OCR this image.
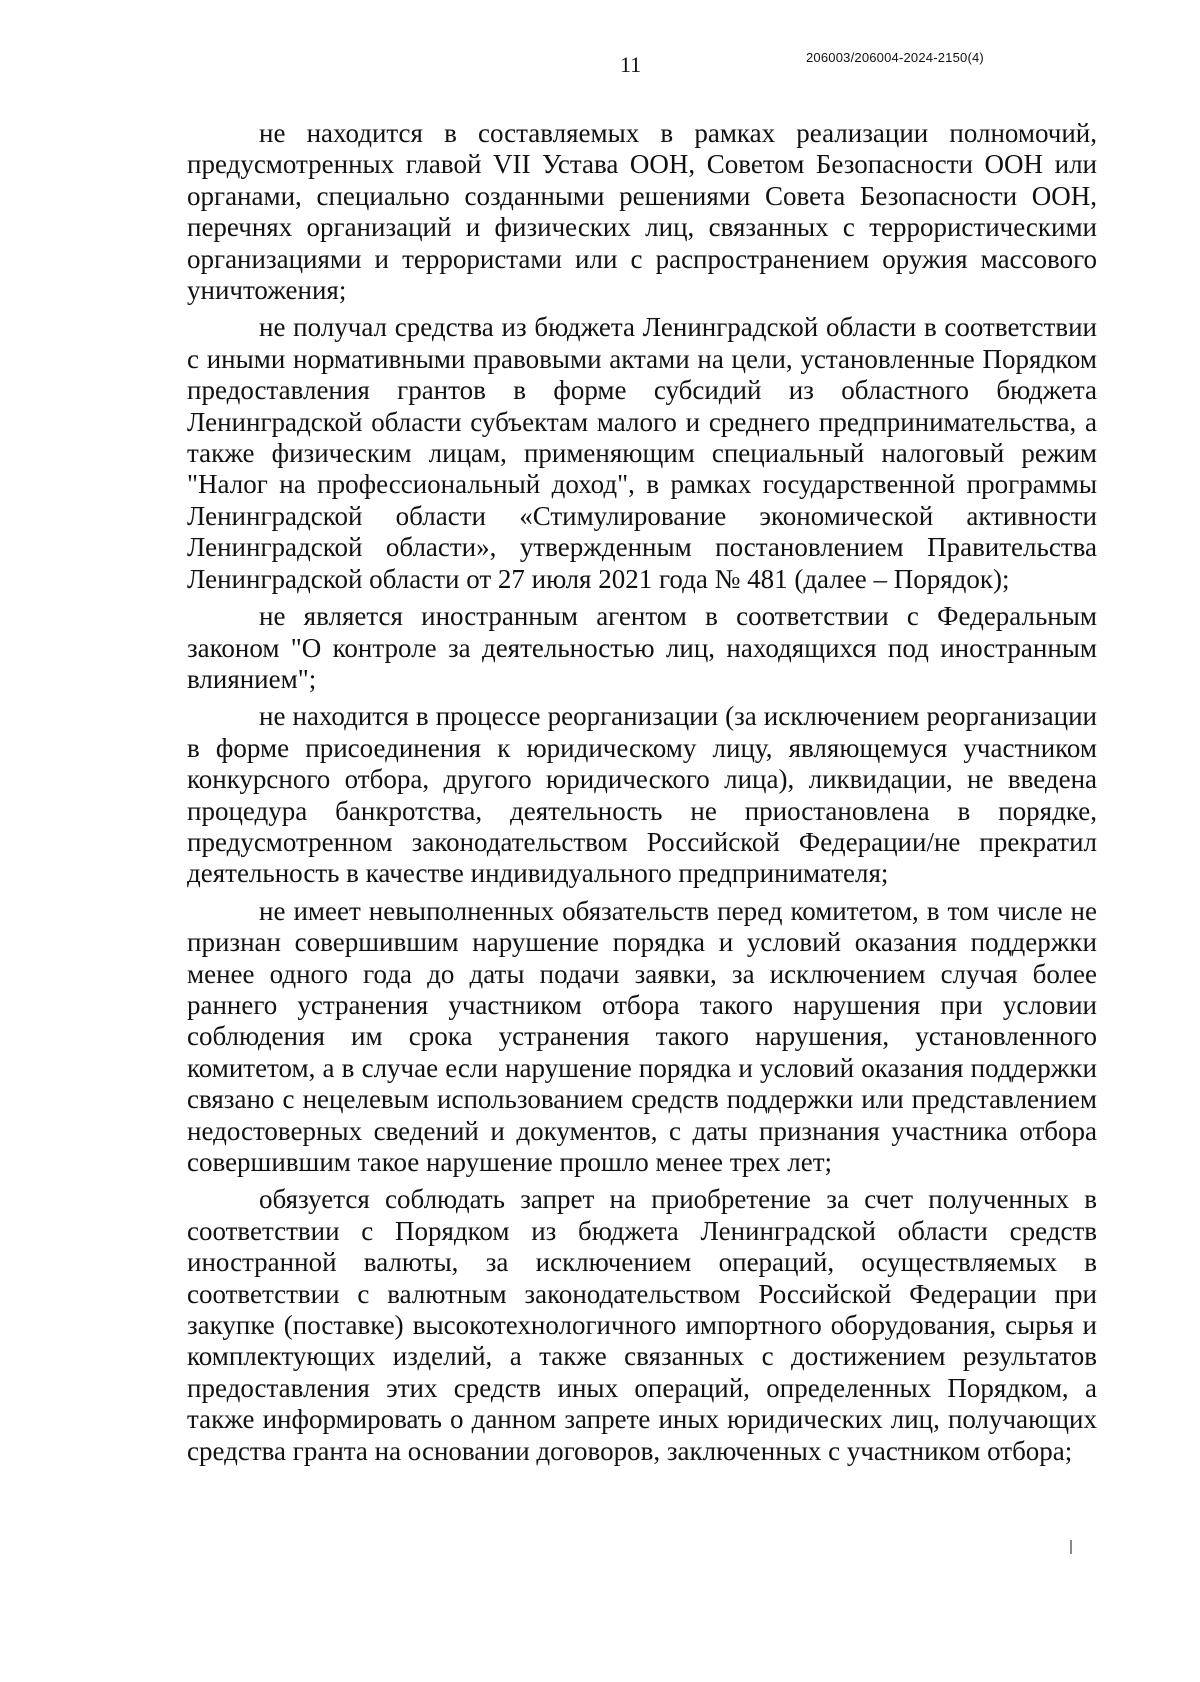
11	206003/206004-2024-2150(4)

не находится в составляемых в рамках реализации полномочий, предусмотренных главой VII Устава ООН, Советом Безопасности ООН или органами, специально созданными решениями Совета Безопасности ООН, перечнях организаций и физических лиц, связанных с террористическими организациями и террористами или с распространением оружия массового уничтожения;

не получал средства из бюджета Ленинградской области в соответствии с иными нормативными правовыми актами на цели, установленные Порядком предоставления грантов в форме субсидий из областного бюджета Ленинградской области субъектам малого и среднего предпринимательства, а также физическим лицам, применяющим специальный налоговый режим "Налог на профессиональный доход", в рамках государственной программы Ленинградской области «Стимулирование экономической активности Ленинградской области», утвержденным постановлением Правительства Ленинградской области от 27 июля 2021 года № 481 (далее – Порядок);

не является иностранным агентом в соответствии с Федеральным законом "О контроле за деятельностью лиц, находящихся под иностранным влиянием";

не находится в процессе реорганизации (за исключением реорганизации в форме присоединения к юридическому лицу, являющемуся участником конкурсного отбора, другого юридического лица), ликвидации, не введена процедура банкротства, деятельность не приостановлена в порядке, предусмотренном законодательством Российской Федерации/не прекратил деятельность в качестве индивидуального предпринимателя;

не имеет невыполненных обязательств перед комитетом, в том числе не признан совершившим нарушение порядка и условий оказания поддержки менее одного года до даты подачи заявки, за исключением случая более раннего устранения участником отбора такого нарушения при условии соблюдения им срока устранения такого нарушения, установленного комитетом, а в случае если нарушение порядка и условий оказания поддержки связано с нецелевым использованием средств поддержки или представлением недостоверных сведений и документов, с даты признания участника отбора совершившим такое нарушение прошло менее трех лет;

обязуется соблюдать запрет на приобретение за счет полученных в соответствии с Порядком из бюджета Ленинградской области средств иностранной валюты, за исключением операций, осуществляемых в соответствии с валютным законодательством Российской Федерации при закупке (поставке) высокотехнологичного импортного оборудования, сырья и комплектующих изделий, а также связанных с достижением результатов предоставления этих средств иных операций, определенных Порядком, а также информировать о данном запрете иных юридических лиц, получающих средства гранта на основании договоров, заключенных с участником отбора;
